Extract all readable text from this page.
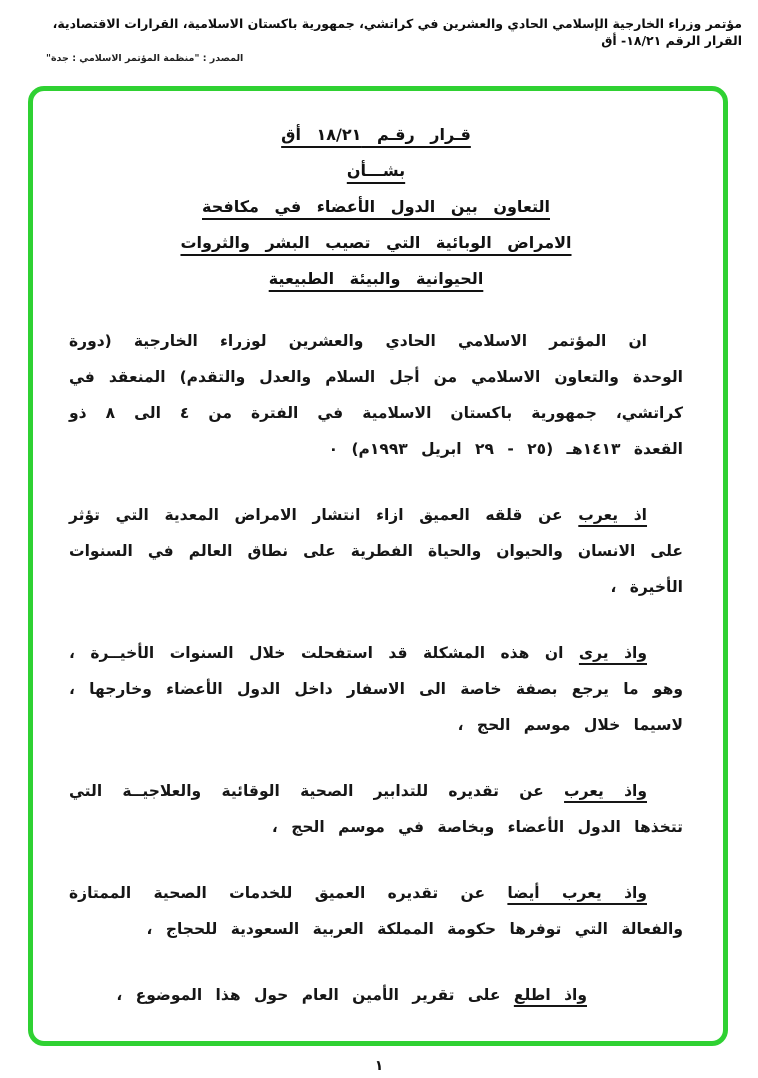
مؤتمر وزراء الخارجية الإسلامي الحادي والعشرين في كراتشي، جمهورية باكستان الاسلامية، القرارات الاقتصادية، القرار الرقم ١٨/٢١- أق
المصدر : "منظمة المؤتمر الاسلامي : جدة"
قـرار رقـم ١٨/٢١ أق
بشـــأن
التعاون بين الدول الأعضاء في مكافحة
الامراض الوبائية التي تصيب البشر والثروات
الحيوانية والبيئة الطبيعية

ان المؤتمر الاسلامي الحادي والعشرين لوزراء الخارجية (دورة الوحدة والتعاون الاسلامي من أجل السلام والعدل والتقدم) المنعقد في كراتشي، جمهورية باكستان الاسلامية في الفترة من ٤ الى ٨ ذو القعدة ١٤١٣هـ (٢٥ - ٢٩ ابريل ١٩٩٣م) ٠

اذ يعرب عن قلقه العميق ازاء انتشار الامراض المعدية التي تؤثر على الانسان والحيوان والحياة الفطرية على نطاق العالم في السنوات الأخيرة ،

واذ يرى ان هذه المشكلة قد استفحلت خلال السنوات الأخيــرة ، وهو ما يرجع بصفة خاصة الى الاسفار داخل الدول الأعضاء وخارجها ، لاسيما خلال موسم الحج ،

واذ يعرب عن تقديره للتدابير الصحية الوقائية والعلاجيــة التي تتخذها الدول الأعضاء وبخاصة في موسم الحج ،

واذ يعرب أيضا عن تقديره العميق للخدمات الصحية الممتازة والفعالة التي توفرها حكومة المملكة العربية السعودية للحجاج ،

واذ اطلع على تقرير الأمين العام حول هذا الموضوع ،

١
